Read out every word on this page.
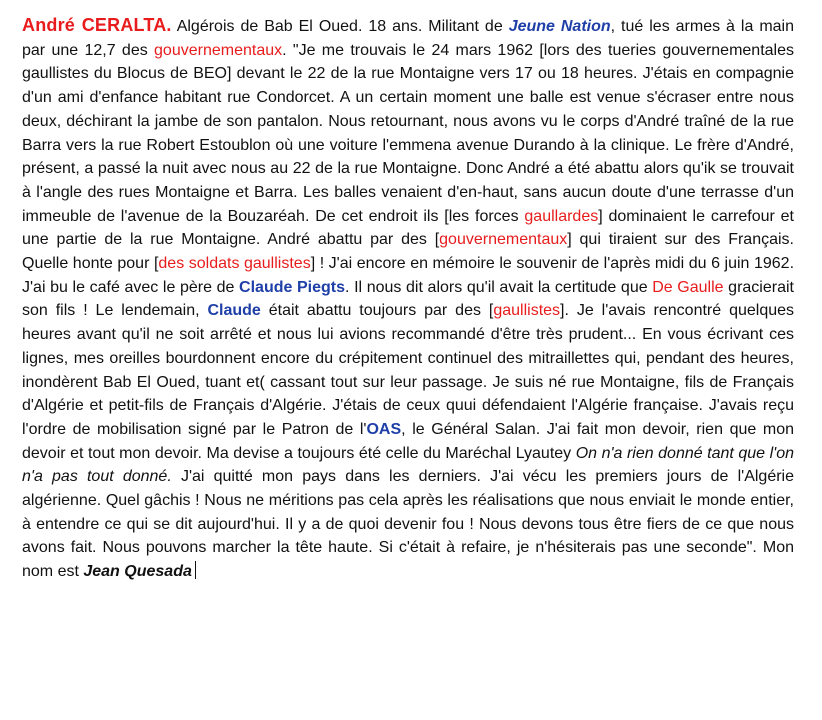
André CERALTA. Algérois de Bab El Oued. 18 ans. Militant de Jeune Nation, tué les armes à la main par une 12,7 des gouvernementaux. "Je me trouvais le 24 mars 1962 [lors des tueries gouvernementales gaullistes du Blocus de BEO] devant le 22 de la rue Montaigne vers 17 ou 18 heures. J'étais en compagnie d'un ami d'enfance habitant rue Condorcet. A un certain moment une balle est venue s'écraser entre nous deux, déchirant la jambe de son pantalon. Nous retournant, nous avons vu le corps d'André traîné de la rue Barra vers la rue Robert Estoublon où une voiture l'emmena avenue Durando à la clinique. Le frère d'André, présent, a passé la nuit avec nous au 22 de la rue Montaigne. Donc André a été abattu alors qu'ik se trouvait à l'angle des rues Montaigne et Barra. Les balles venaient d'en-haut, sans aucun doute d'une terrasse d'un immeuble de l'avenue de la Bouzaréah. De cet endroit ils [les forces gaullardes] dominaient le carrefour et une partie de la rue Montaigne. André abattu par des [gouvernementaux] qui tiraient sur des Français. Quelle honte pour [des soldats gaullistes] ! J'ai encore en mémoire le souvenir de l'après midi du 6 juin 1962. J'ai bu le café avec le père de Claude Piegts. Il nous dit alors qu'il avait la certitude que De Gaulle gracierait son fils ! Le lendemain, Claude était abattu toujours par des [gaullistes]. Je l'avais rencontré quelques heures avant qu'il ne soit arrêté et nous lui avions recommandé d'être très prudent... En vous écrivant ces lignes, mes oreilles bourdonnent encore du crépitement continuel des mitraillettes qui, pendant des heures, inondèrent Bab El Oued, tuant et( cassant tout sur leur passage. Je suis né rue Montaigne, fils de Français d'Algérie et petit-fils de Français d'Algérie. J'étais de ceux quui défendaient l'Algérie française. J'avais reçu l'ordre de mobilisation signé par le Patron de l'OAS, le Général Salan. J'ai fait mon devoir, rien que mon devoir et tout mon devoir. Ma devise a toujours été celle du Maréchal Lyautey On n'a rien donné tant que l'on n'a pas tout donné. J'ai quitté mon pays dans les derniers. J'ai vécu les premiers jours de l'Algérie algérienne. Quel gâchis ! Nous ne méritions pas cela après les réalisations que nous enviait le monde entier, à entendre ce qui se dit aujourd'hui. Il y a de quoi devenir fou ! Nous devons tous être fiers de ce que nous avons fait. Nous pouvons marcher la tête haute. Si c'était à refaire, je n'hésiterais pas une seconde". Mon nom est Jean Quesada
